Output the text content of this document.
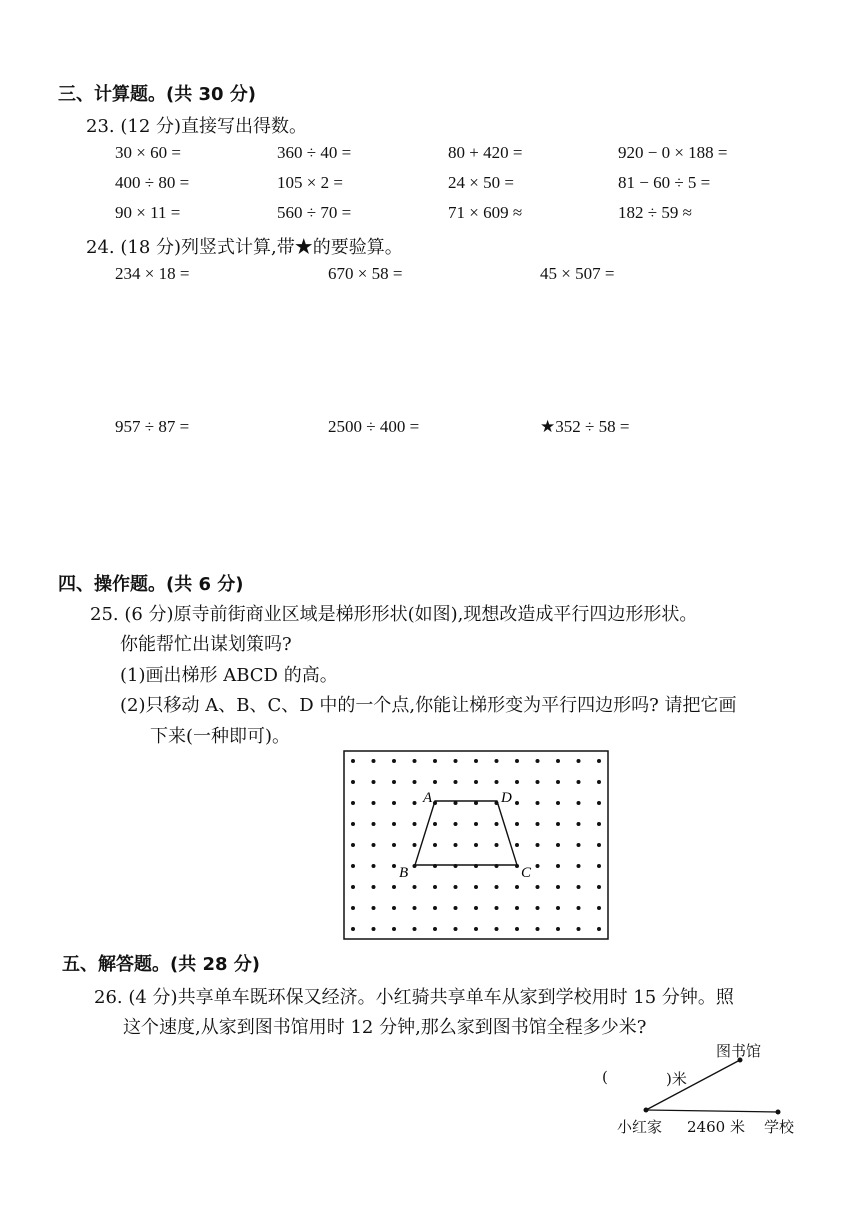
三、计算题。(共 30 分)
23. (12 分)直接写出得数。
30 × 60 =	360 ÷ 40 =	80 + 420 =	920 − 0 × 188 =
400 ÷ 80 =	105 × 2 =	24 × 50 =	81 − 60 ÷ 5 =
90 × 11 =	560 ÷ 70 =	71 × 609 ≈	182 ÷ 59 ≈
24. (18 分)列竖式计算,带★的要验算。
234 × 18 =	670 × 58 =	45 × 507 =
957 ÷ 87 =	2500 ÷ 400 =	★352 ÷ 58 =
四、操作题。(共 6 分)
25. (6 分)原寺前街商业区域是梯形形状(如图),现想改造成平行四边形形状。
你能帮忙出谋划策吗?
(1)画出梯形 ABCD 的高。
(2)只移动 A、B、C、D 中的一个点,你能让梯形变为平行四边形吗? 请把它画
下来(一种即可)。
A	D
B	C
五、解答题。(共 28 分)
26. (4 分)共享单车既环保又经济。小红骑共享单车从家到学校用时 15 分钟。照
这个速度,从家到图书馆用时 12 分钟,那么家到图书馆全程多少米?
图书馆
(	)米
小红家 2460 米 学校
